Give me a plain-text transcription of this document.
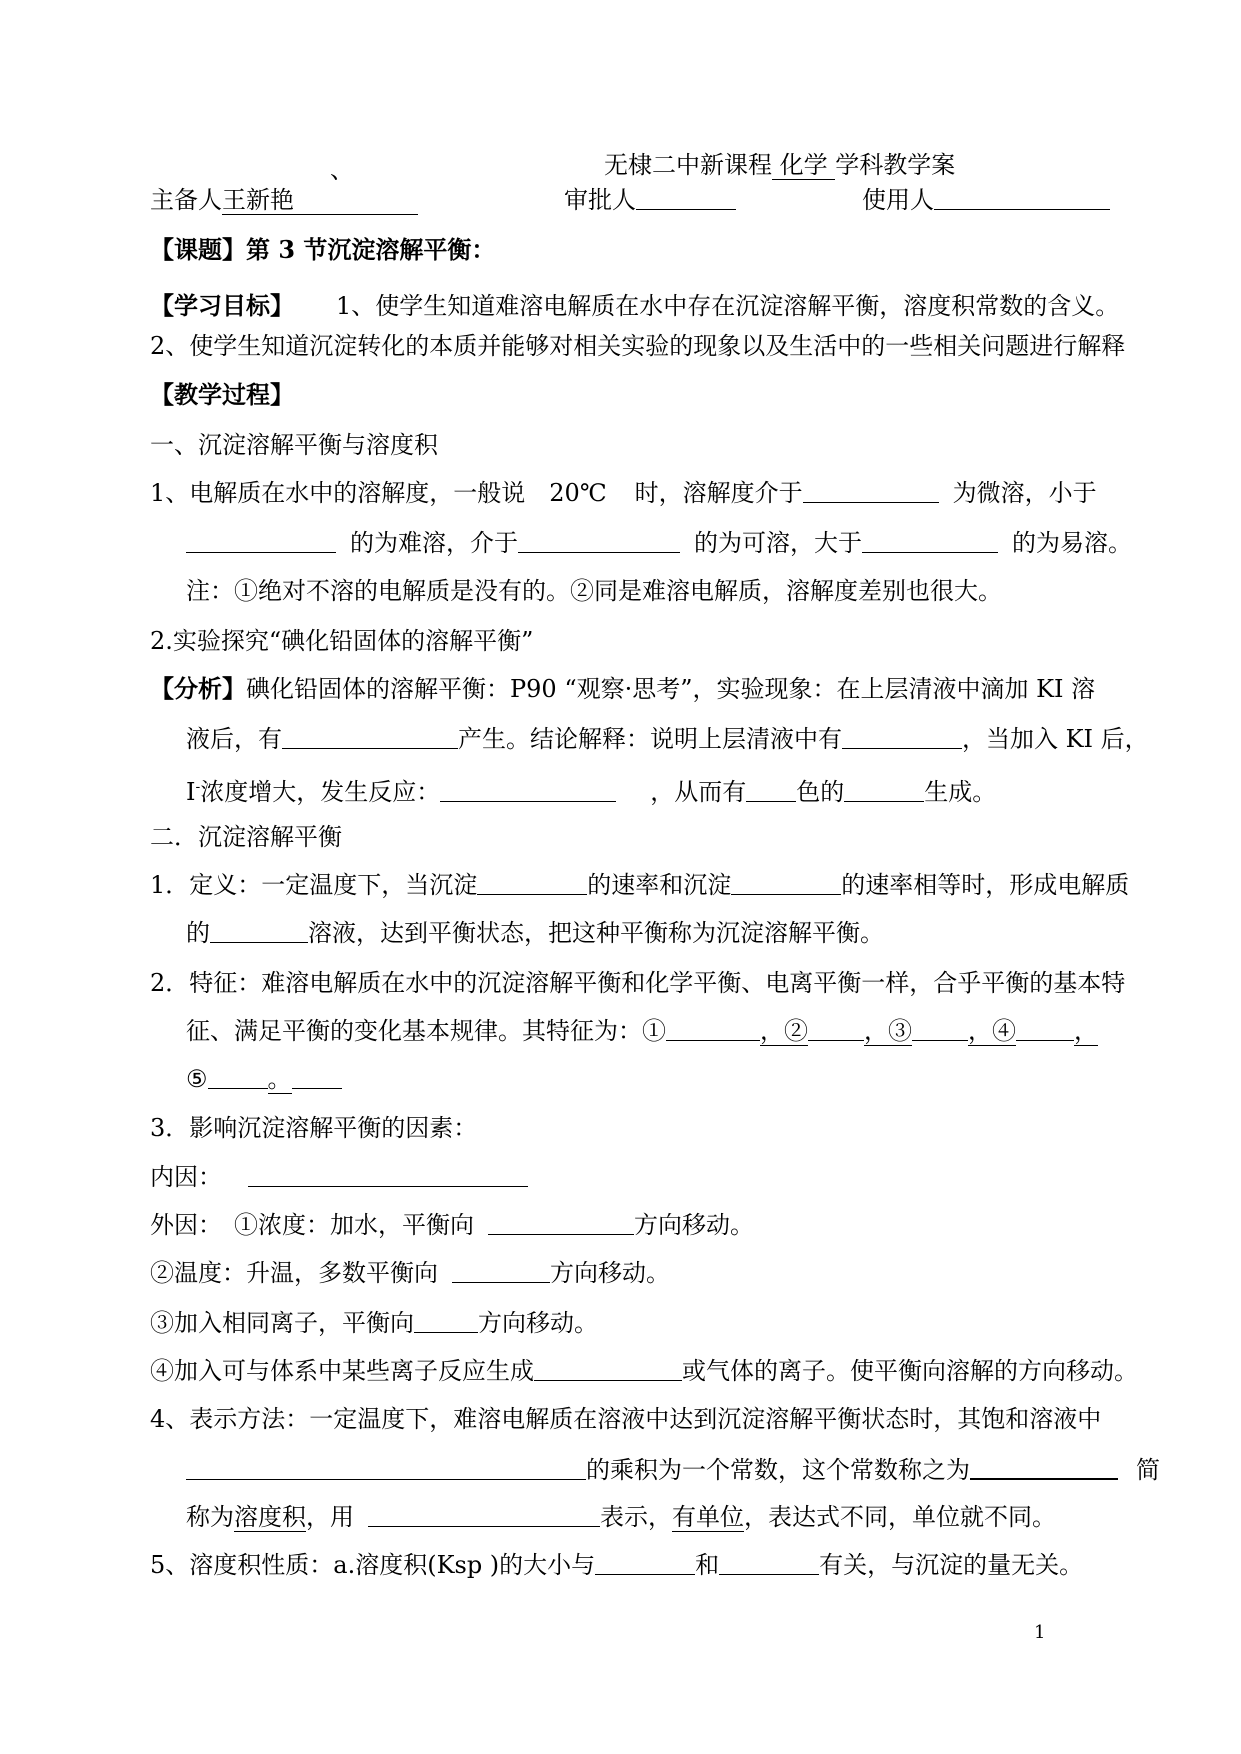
、	无棣二中新课程 化学 学科教学案
主备人王新艳	审批人	使用人
【课题】第 3 节沉淀溶解平衡：
【学习目标】 1、使学生知道难溶电解质在水中存在沉淀溶解平衡，溶度积常数的含义。
2、使学生知道沉淀转化的本质并能够对相关实验的现象以及生活中的一些相关问题进行解释
【教学过程】
一、沉淀溶解平衡与溶度积
1、电解质在水中的溶解度，一般说 20℃ 时，溶解度介于	为微溶，小于
的为难溶，介于	的为可溶，大于	的为易溶。
注：①绝对不溶的电解质是没有的。②同是难溶电解质，溶解度差别也很大。
2.实验探究“碘化铅固体的溶解平衡”
【分析】碘化铅固体的溶解平衡：P90 “观察·思考”，实验现象：在上层清液中滴加 KI 溶
液后，有	产生。结论解释：说明上层清液中有	，当加入 KI 后，
I-浓度增大，发生反应：	，从而有 色的	生成。
二．沉淀溶解平衡
1．定义：一定温度下，当沉淀	的速率和沉淀	的速率相等时，形成电解质
的	溶液，达到平衡状态，把这种平衡称为沉淀溶解平衡。
2．特征：难溶电解质在水中的沉淀溶解平衡和化学平衡、电离平衡一样，合乎平衡的基本特
征、满足平衡的变化基本规律。其特征为：①	，② ，③ ，④ ，
⑤	。
3．影响沉淀溶解平衡的因素：
内因：
外因： ①浓度：加水，平衡向	方向移动。
②温度：升温，多数平衡向	方向移动。
③加入相同离子，平衡向	方向移动。
④加入可与体系中某些离子反应生成	或气体的离子。使平衡向溶解的方向移动。
4、表示方法：一定温度下，难溶电解质在溶液中达到沉淀溶解平衡状态时，其饱和溶液中
的乘积为一个常数，这个常数称之为	简
称为溶度积，用	表示，有单位，表达式不同，单位就不同。
5、溶度积性质：a.溶度积(Ksp )的大小与	和	有关，与沉淀的量无关。
1
